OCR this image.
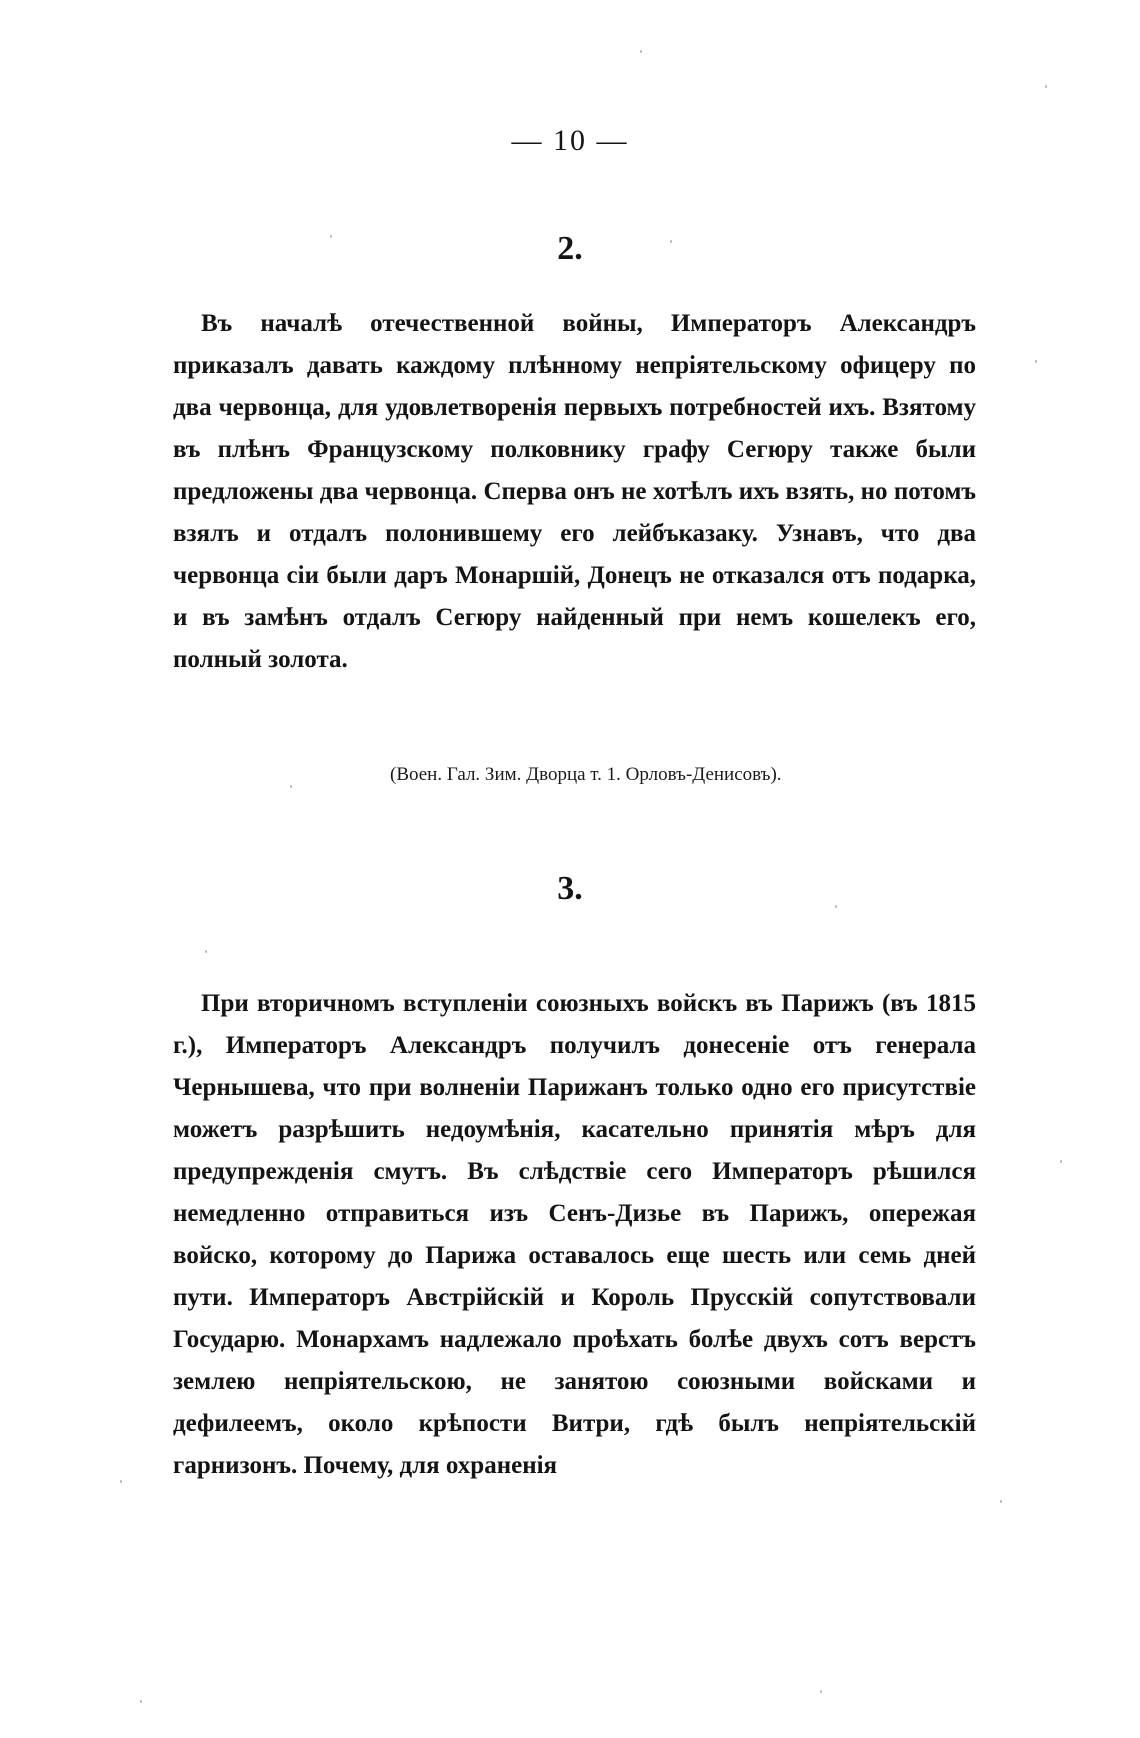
— 10 —
2.

Въ началѣ отечественной войны, Императоръ Александръ приказалъ давать каждому плѣнному непріятельскому офицеру по два червонца, для удовлетворенія первыхъ потребностей ихъ. Взятому въ плѣнъ Французскому полковнику графу Сегюру также были предложены два червонца. Сперва онъ не хотѣлъ ихъ взять, но потомъ взялъ и отдалъ полонившему его лейбъказаку. Узнавъ, что два червонца сіи были даръ Монаршій, Донецъ не отказался отъ подарка, и въ замѣнъ отдалъ Сегюру найденный при немъ кошелекъ его, полный золота.

(Воен. Гал. Зим. Дворца т. 1. Орловъ-Денисовъ).
3.

При вторичномъ вступленіи союзныхъ войскъ въ Парижъ (въ 1815 г.), Императоръ Александръ получилъ донесеніе отъ генерала Чернышева, что при волненіи Парижанъ только одно его присутствіе можетъ разрѣшить недоумѣнія, касательно принятія мѣръ для предупрежденія смутъ. Въ слѣдствіе сего Императоръ рѣшился немедленно отправиться изъ Сенъ-Дизье въ Парижъ, опережая войско, которому до Парижа оставалось еще шесть или семь дней пути. Императоръ Австрійскій и Король Прусскій сопутствовали Государю. Монархамъ надлежало проѣхать болѣе двухъ сотъ верстъ землею непріятельскою, не занятою союзными войсками и дефилеемъ, около крѣпости Витри, гдѣ былъ непріятельскій гарнизонъ. Почему, для охраненія
